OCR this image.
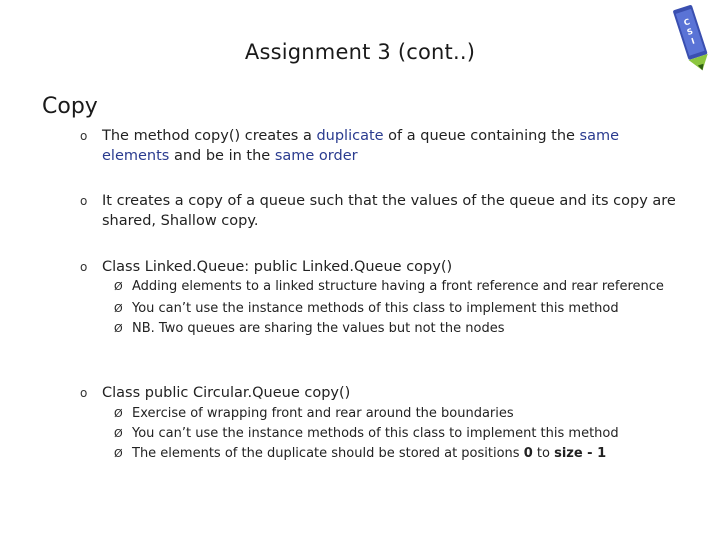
Assignment 3 (cont..)
C
S
I
Copy
o The method copy() creates a duplicate of a queue containing the same elements and be in the same order
o It creates a copy of a queue such that the values of the queue and its copy are shared, Shallow copy.
o Class Linked.Queue: public Linked.Queue copy()
Ø Adding elements to a linked structure having a front reference and rear reference
Ø You can’t use the instance methods of this class to implement this method
Ø NB. Two queues are sharing the values but not the nodes
o Class public Circular.Queue copy()
Ø Exercise of wrapping front and rear around the boundaries
Ø You can’t use the instance methods of this class to implement this method
Ø The elements of the duplicate should be stored at positions 0 to size - 1
